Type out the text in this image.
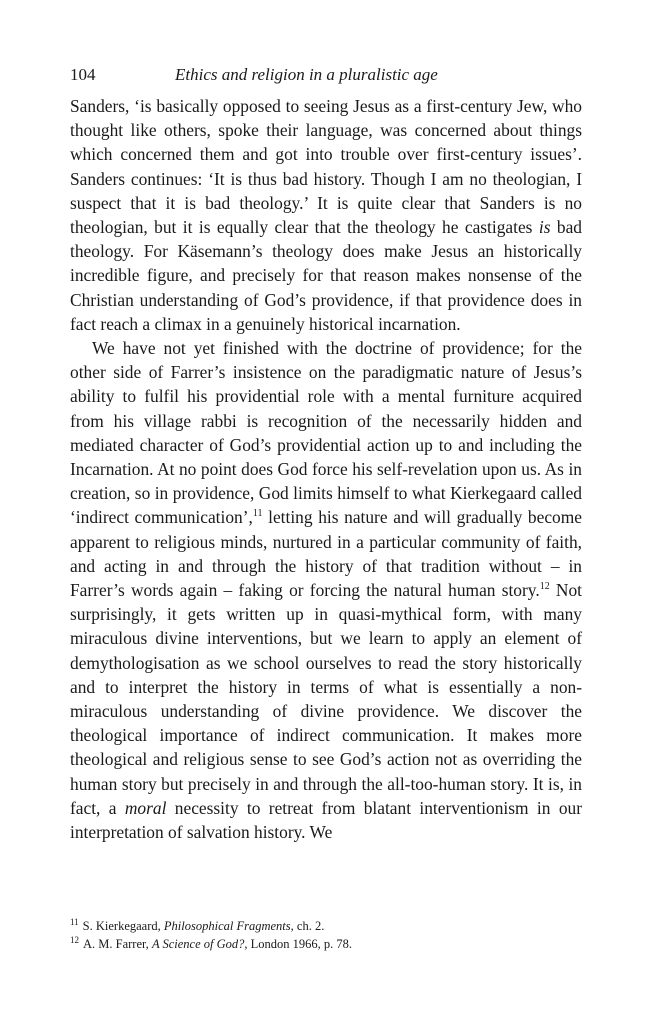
104	Ethics and religion in a pluralistic age

Sanders, ‘is basically opposed to seeing Jesus as a first-century Jew, who thought like others, spoke their language, was concerned about things which concerned them and got into trouble over first-century issues’. Sanders continues: ‘It is thus bad history. Though I am no theologian, I suspect that it is bad theology.’ It is quite clear that Sanders is no theologian, but it is equally clear that the theology he castigates is bad theology. For Käsemann’s theology does make Jesus an historically incredible figure, and precisely for that reason makes nonsense of the Christian understanding of God’s providence, if that providence does in fact reach a climax in a genuinely historical incarnation.

We have not yet finished with the doctrine of providence; for the other side of Farrer’s insistence on the paradigmatic nature of Jesus’s ability to fulfil his providential role with a mental furniture acquired from his village rabbi is recognition of the necessarily hidden and mediated character of God’s providential action up to and including the Incarnation. At no point does God force his self-revelation upon us. As in creation, so in providence, God limits himself to what Kierkegaard called ‘indirect communication’,$^{11}$ letting his nature and will gradually become apparent to religious minds, nurtured in a particular community of faith, and acting in and through the history of that tradition without – in Farrer’s words again – faking or forcing the natural human story.$^{12}$ Not surprisingly, it gets written up in quasi-mythical form, with many miraculous divine interventions, but we learn to apply an element of demythologisation as we school ourselves to read the story historically and to interpret the history in terms of what is essentially a non-miraculous understanding of divine providence. We discover the theological importance of indirect communication. It makes more theological and religious sense to see God’s action not as overriding the human story but precisely in and through the all-too-human story. It is, in fact, a moral necessity to retreat from blatant interventionism in our interpretation of salvation history. We

$^{11}$ S. Kierkegaard, Philosophical Fragments, ch. 2.

$^{12}$ A. M. Farrer, A Science of God?, London 1966, p. 78.
